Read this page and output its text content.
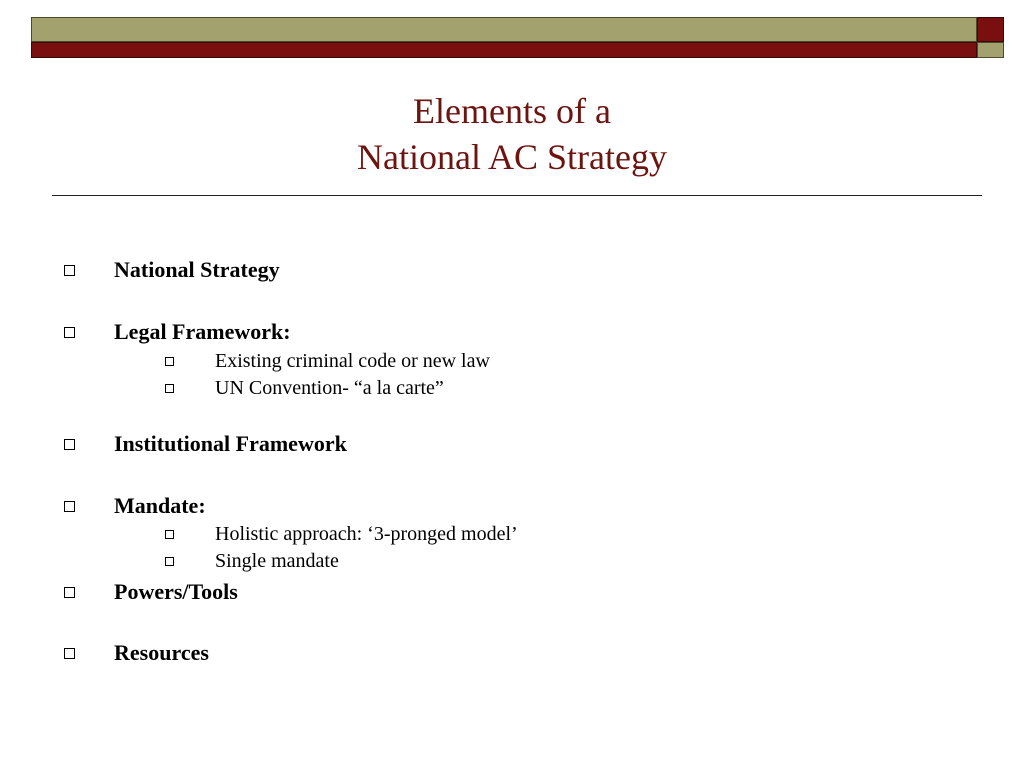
Elements of a
National AC Strategy
National Strategy
Legal Framework:
Existing criminal code or new law
UN Convention- “a la carte”
Institutional Framework
Mandate:
Holistic approach: ‘3-pronged model’
Single mandate
Powers/Tools
Resources
